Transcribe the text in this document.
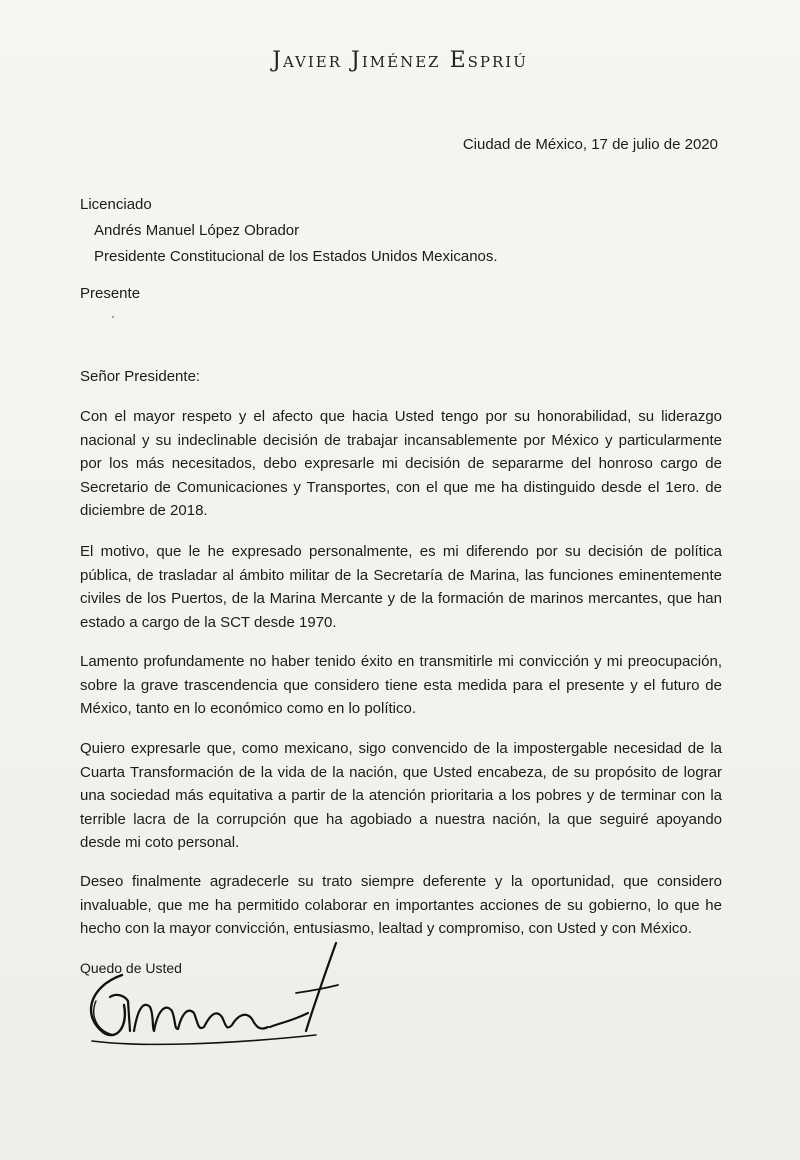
Javier Jiménez Espriú
Ciudad de México, 17 de julio de 2020
Licenciado
Andrés Manuel López Obrador
Presidente Constitucional de los Estados Unidos Mexicanos.
Presente
Señor Presidente:

Con el mayor respeto y el afecto que hacia Usted tengo por su honorabilidad, su liderazgo nacional y su indeclinable decisión de trabajar incansablemente por México y particularmente por los más necesitados, debo expresarle mi decisión de separarme del honroso cargo de Secretario de Comunicaciones y Transportes, con el que me ha distinguido desde el 1ero. de diciembre de 2018.

El motivo, que le he expresado personalmente, es mi diferendo por su decisión de política pública, de trasladar al ámbito militar de la Secretaría de Marina, las funciones eminentemente civiles de los Puertos, de la Marina Mercante y de la formación de marinos mercantes, que han estado a cargo de la SCT desde 1970.

Lamento profundamente no haber tenido éxito en transmitirle mi convicción y mi preocupación, sobre la grave trascendencia que considero tiene esta medida para el presente y el futuro de México, tanto en lo económico como en lo político.

Quiero expresarle que, como mexicano, sigo convencido de la impostergable necesidad de la Cuarta Transformación de la vida de la nación, que Usted encabeza, de su propósito de lograr una sociedad más equitativa a partir de la atención prioritaria a los pobres y de terminar con la terrible lacra de la corrupción que ha agobiado a nuestra nación, la que seguiré apoyando desde mi coto personal.

Deseo finalmente agradecerle su trato siempre deferente y la oportunidad, que considero invaluable, que me ha permitido colaborar en importantes acciones de su gobierno, lo que he hecho con la mayor convicción, entusiasmo, lealtad y compromiso, con Usted y con México.

Quedo de Usted
